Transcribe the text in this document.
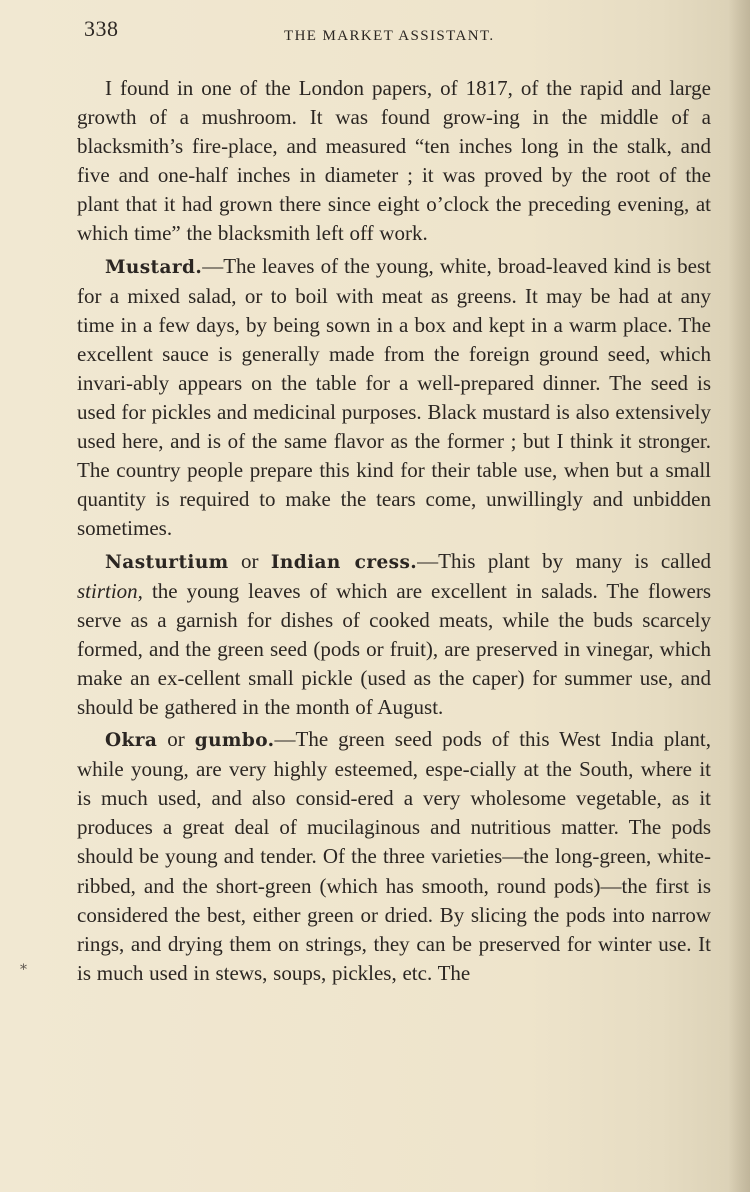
338	THE MARKET ASSISTANT.

I found in one of the London papers, of 1817, of the rapid and large growth of a mushroom. It was found grow-ing in the middle of a blacksmith’s fire-place, and measured “ten inches long in the stalk, and five and one-half inches in diameter ; it was proved by the root of the plant that it had grown there since eight o’clock the preceding evening, at which time” the blacksmith left off work.

Mustard.—The leaves of the young, white, broad-leaved kind is best for a mixed salad, or to boil with meat as greens. It may be had at any time in a few days, by being sown in a box and kept in a warm place. The excellent sauce is generally made from the foreign ground seed, which invari-ably appears on the table for a well-prepared dinner. The seed is used for pickles and medicinal purposes. Black mustard is also extensively used here, and is of the same flavor as the former ; but I think it stronger. The country people prepare this kind for their table use, when but a small quantity is required to make the tears come, unwillingly and unbidden sometimes.

Nasturtium or Indian cress.—This plant by many is called stirtion, the young leaves of which are excellent in salads. The flowers serve as a garnish for dishes of cooked meats, while the buds scarcely formed, and the green seed (pods or fruit), are preserved in vinegar, which make an ex-cellent small pickle (used as the caper) for summer use, and should be gathered in the month of August.

Okra or gumbo.—The green seed pods of this West India plant, while young, are very highly esteemed, espe-cially at the South, where it is much used, and also consid-ered a very wholesome vegetable, as it produces a great deal of mucilaginous and nutritious matter. The pods should be young and tender. Of the three varieties—the long-green, white-ribbed, and the short-green (which has smooth, round pods)—the first is considered the best, either green or dried. By slicing the pods into narrow rings, and drying them on strings, they can be preserved for winter use. It is much used in stews, soups, pickles, etc. The

*
